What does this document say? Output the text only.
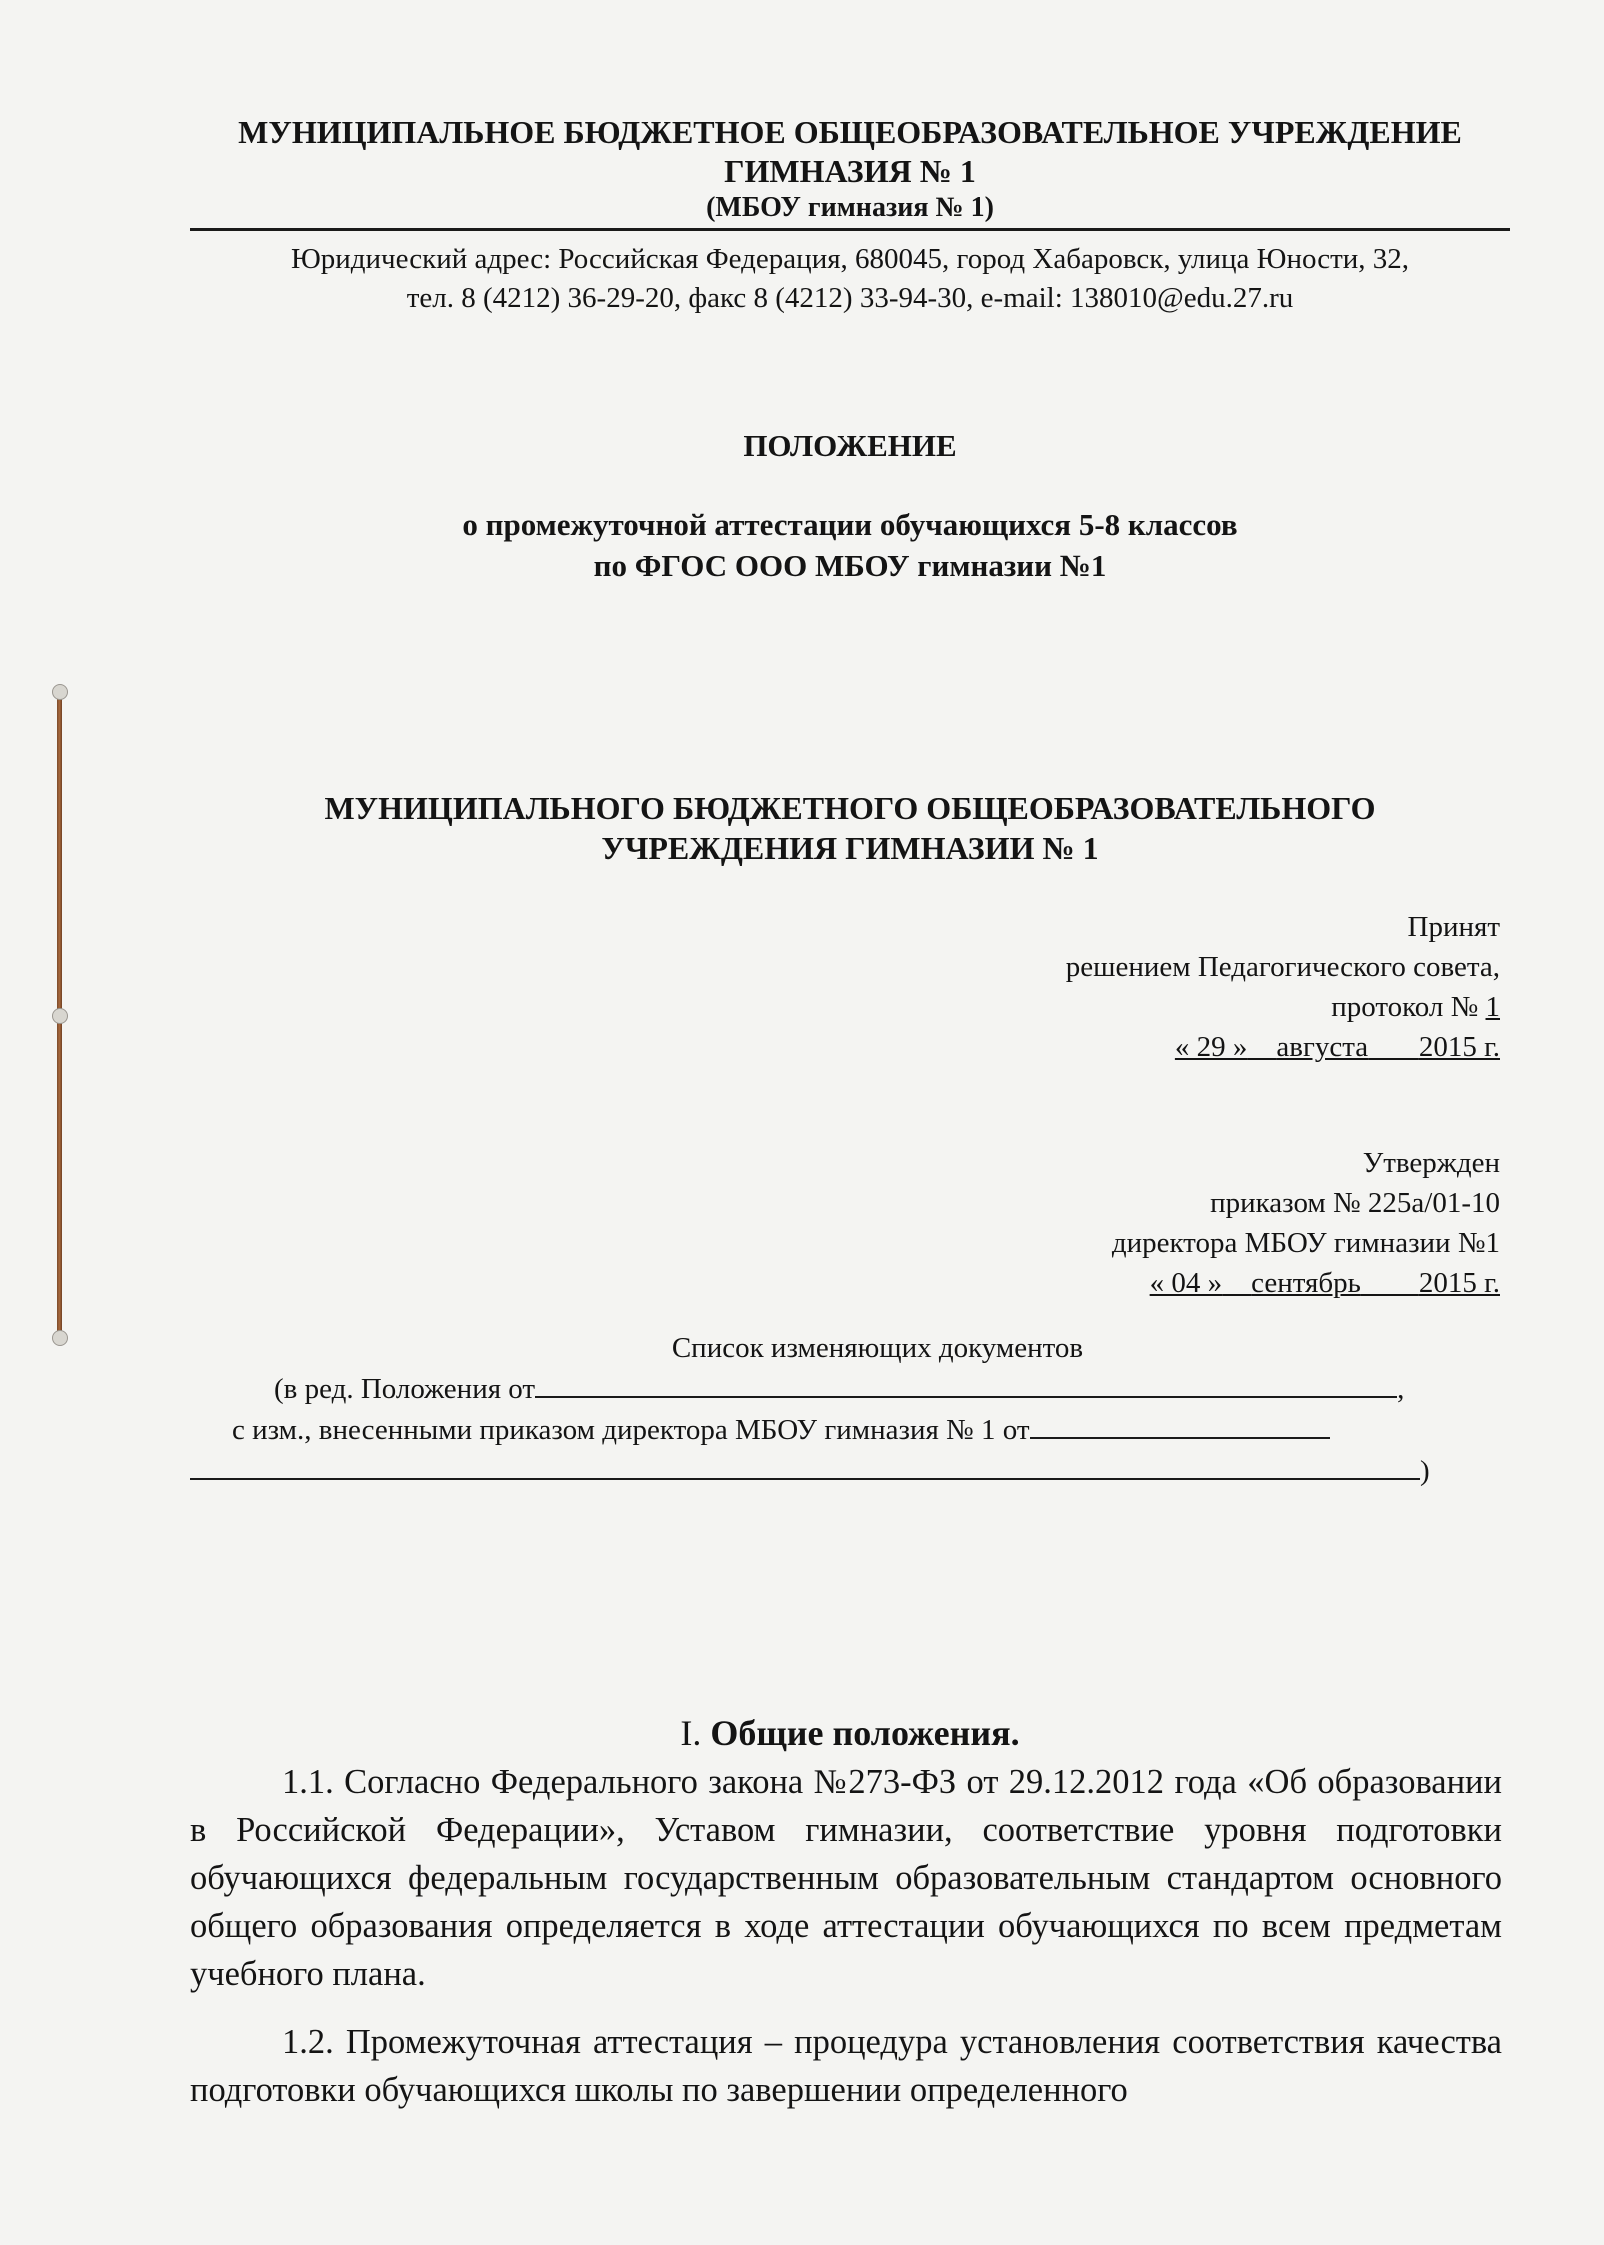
МУНИЦИПАЛЬНОЕ БЮДЖЕТНОЕ ОБЩЕОБРАЗОВАТЕЛЬНОЕ УЧРЕЖДЕНИЕ
ГИМНАЗИЯ № 1
(МБОУ гимназия № 1)
Юридический адрес: Российская Федерация, 680045, город Хабаровск, улица Юности, 32,
тел. 8 (4212) 36-29-20, факс 8 (4212) 33-94-30, e-mail: 138010@edu.27.ru
ПОЛОЖЕНИЕ
о промежуточной аттестации обучающихся 5-8 классов
по ФГОС ООО МБОУ гимназии №1
МУНИЦИПАЛЬНОГО БЮДЖЕТНОГО ОБЩЕОБРАЗОВАТЕЛЬНОГО
УЧРЕЖДЕНИЯ ГИМНАЗИИ № 1
Принят
решением Педагогического совета,
протокол № 1
« 29 » августа 2015 г.
Утвержден
приказом № 225а/01-10
директора МБОУ гимназии №1
« 04 » сентябрь 2015 г.
Список изменяющих документов
(в ред. Положения от	,
с изм., внесенными приказом директора МБОУ гимназия № 1 от
)
I. Общие положения.

1.1. Согласно Федерального закона №273-ФЗ от 29.12.2012 года «Об образовании в Российской Федерации», Уставом гимназии, соответствие уровня подготовки обучающихся федеральным государственным образовательным стандартом основного общего образования определяется в ходе аттестации обучающихся по всем предметам учебного плана.

1.2. Промежуточная аттестация – процедура установления соответствия качества подготовки обучающихся школы по завершении определенного
